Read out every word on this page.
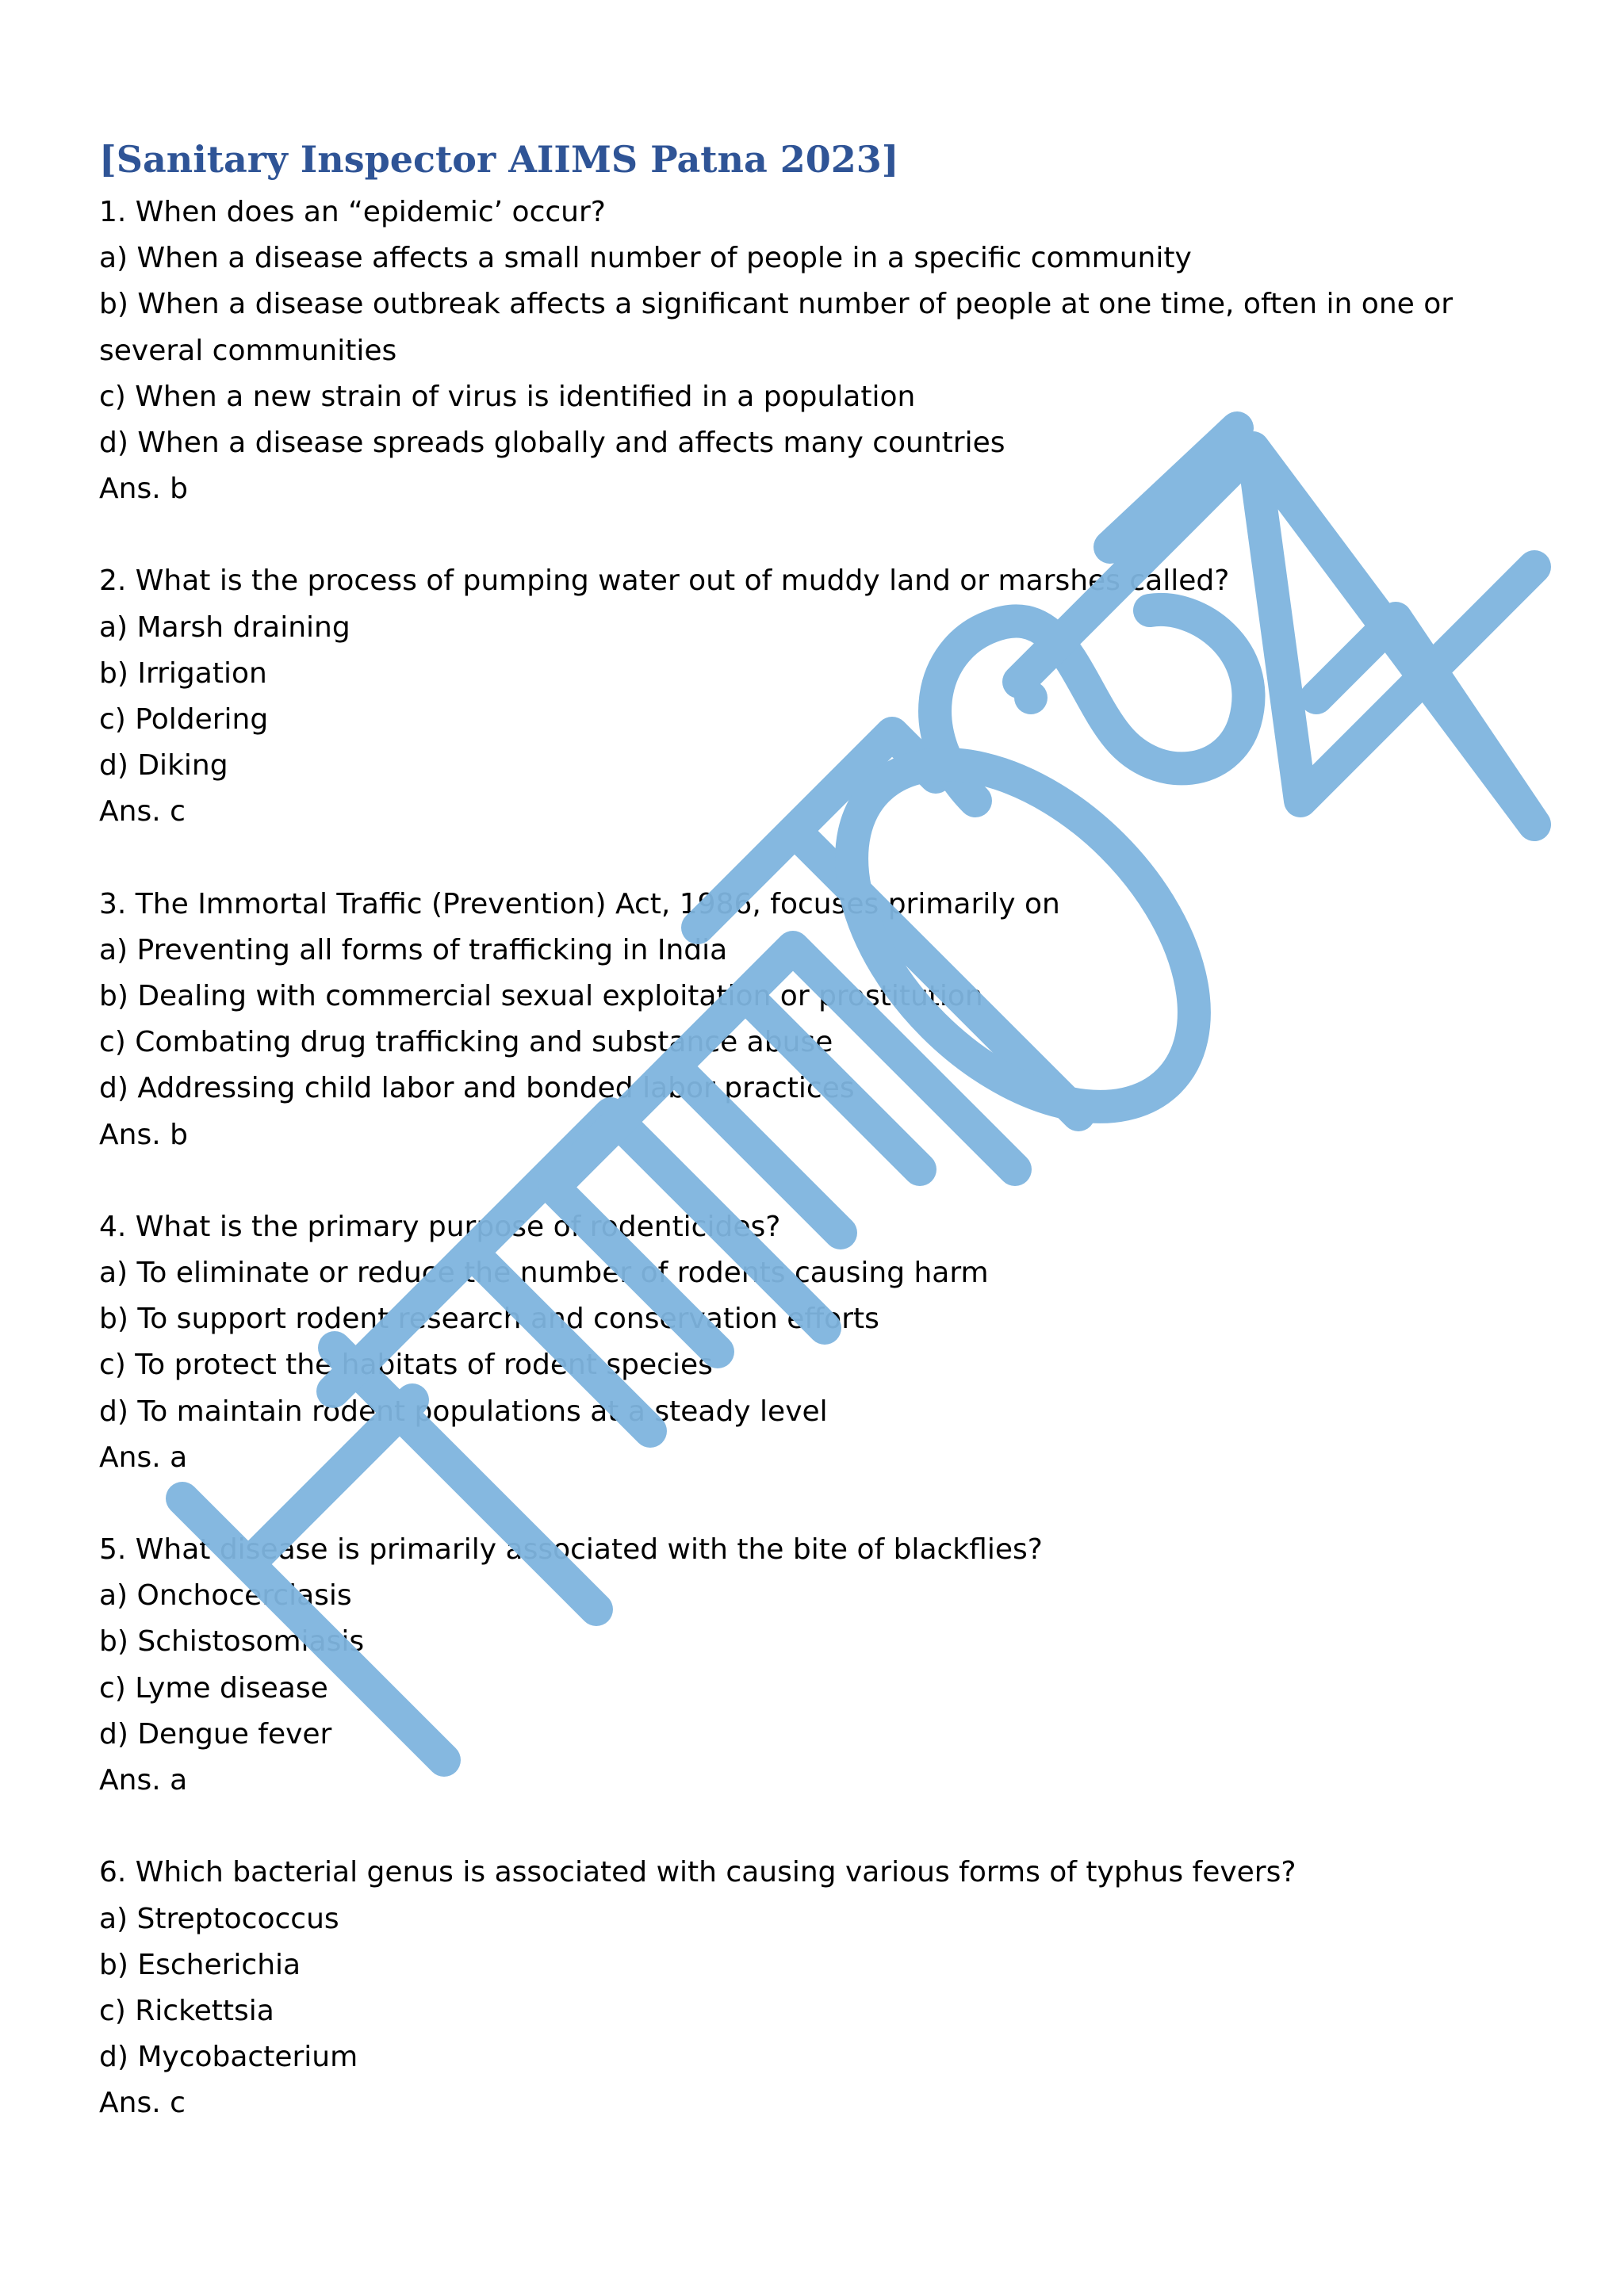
[Sanitary Inspector AIIMS Patna 2023]
1. When does an “epidemic’ occur?
a) When a disease affects a small number of people in a specific community
b) When a disease outbreak affects a significant number of people at one time, often in one or several communities
c) When a new strain of virus is identified in a population
d) When a disease spreads globally and affects many countries
Ans. b
2. What is the process of pumping water out of muddy land or marshes called?
a) Marsh draining
b) Irrigation
c) Poldering
d) Diking
Ans. c
3. The Immortal Traffic (Prevention) Act, 1986, focuses primarily on
a) Preventing all forms of trafficking in India
b) Dealing with commercial sexual exploitation or prostitution
c) Combating drug trafficking and substance abuse
d) Addressing child labor and bonded labor practices
Ans. b
4. What is the primary purpose of rodenticides?
a) To eliminate or reduce the number of rodents causing harm
b) To support rodent research and conservation efforts
c) To protect the habitats of rodent species
d) To maintain rodent populations at a steady level
Ans. a
5. What disease is primarily associated with the bite of blackflies?
a) Onchocerciasis
b) Schistosomiasis
c) Lyme disease
d) Dengue fever
Ans. a
6. Which bacterial genus is associated with causing various forms of typhus fevers?
a) Streptococcus
b) Escherichia
c) Rickettsia
d) Mycobacterium
Ans. c
